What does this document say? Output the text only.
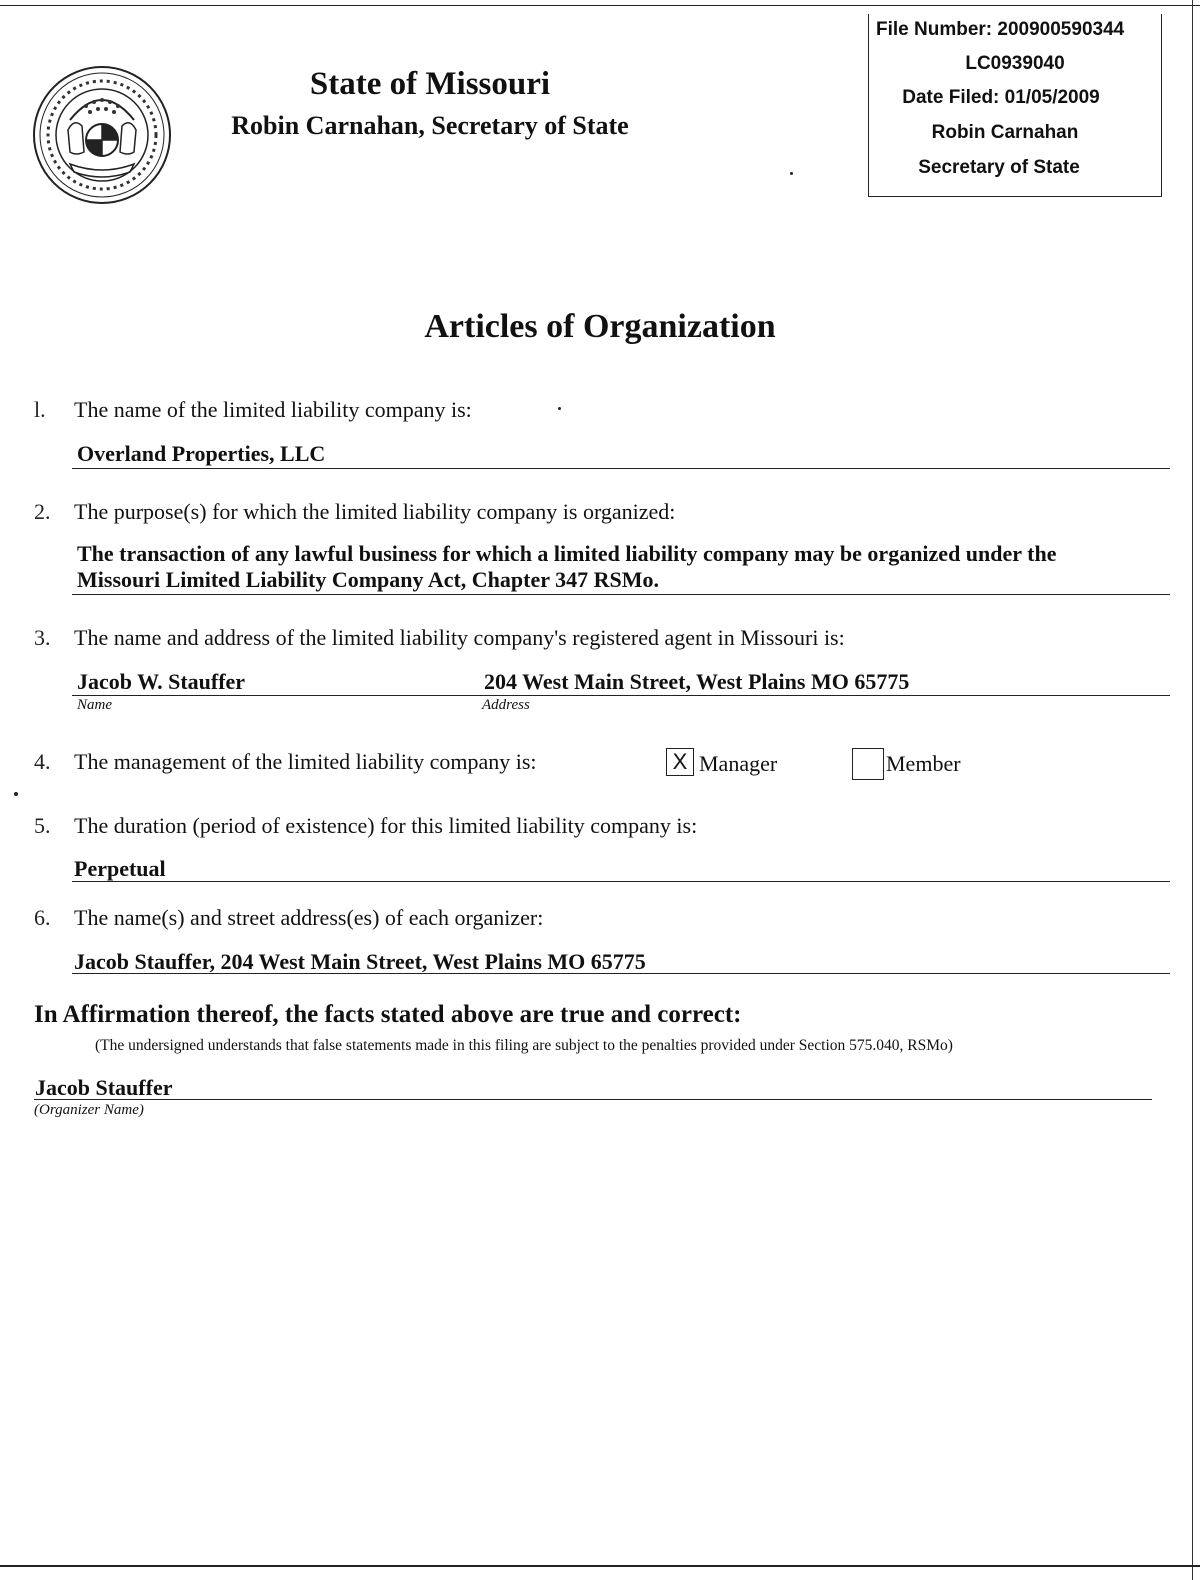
State of Missouri
Robin Carnahan, Secretary of State
File Number: 200900590344
LC0939040
Date Filed: 01/05/2009
Robin Carnahan
Secretary of State
Articles of Organization
l. The name of the limited liability company is:
Overland Properties, LLC
2. The purpose(s) for which the limited liability company is organized:
The transaction of any lawful business for which a limited liability company may be organized under the
Missouri Limited Liability Company Act, Chapter 347 RSMo.
3. The name and address of the limited liability company's registered agent in Missouri is:
Jacob W. Stauffer	204 West Main Street, West Plains MO 65775
Name	Address
4. The management of the limited liability company is:	X Manager	Member
5. The duration (period of existence) for this limited liability company is:
Perpetual
6. The name(s) and street address(es) of each organizer:
Jacob Stauffer, 204 West Main Street, West Plains MO 65775
In Affirmation thereof, the facts stated above are true and correct:
(The undersigned understands that false statements made in this filing are subject to the penalties provided under Section 575.040, RSMo)
Jacob Stauffer
(Organizer Name)
